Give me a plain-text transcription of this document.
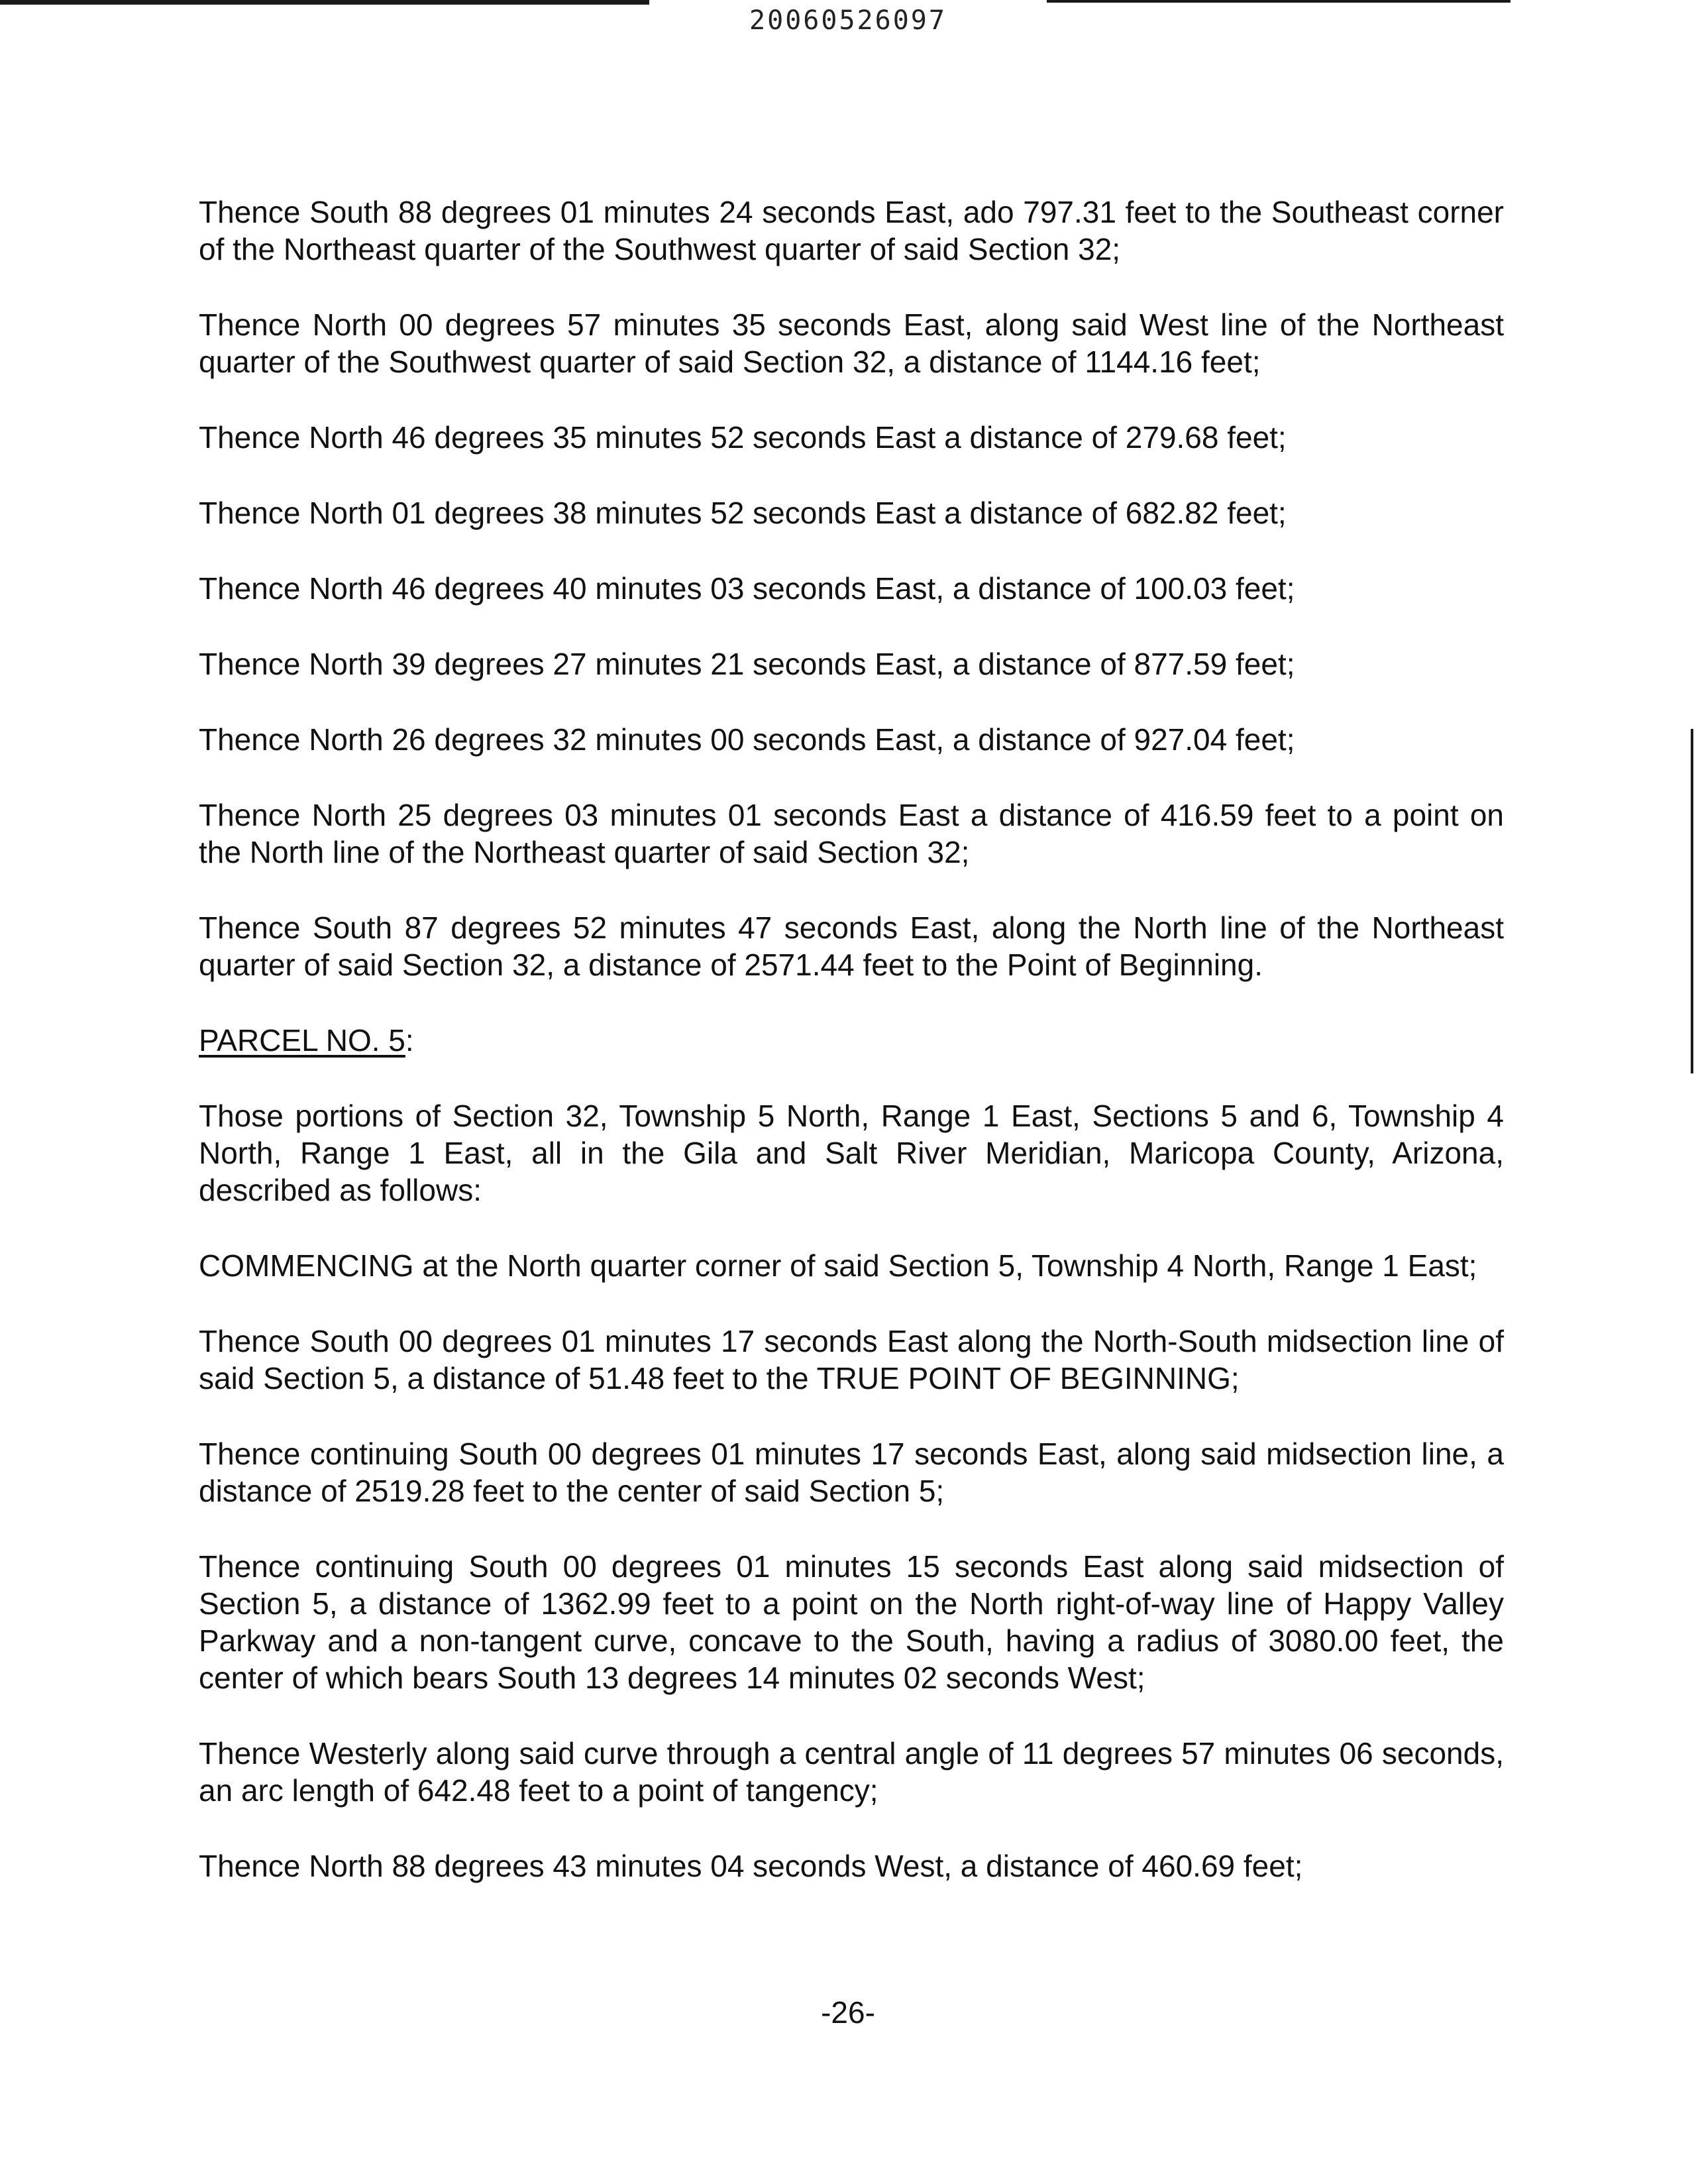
20060526097

Thence South 88 degrees 01 minutes 24 seconds East, ado 797.31 feet to the Southeast corner of the Northeast quarter of the Southwest quarter of said Section 32;

Thence North 00 degrees 57 minutes 35 seconds East, along said West line of the Northeast quarter of the Southwest quarter of said Section 32, a distance of 1144.16 feet;

Thence North 46 degrees 35 minutes 52 seconds East a distance of 279.68 feet;

Thence North 01 degrees 38 minutes 52 seconds East a distance of 682.82 feet;

Thence North 46 degrees 40 minutes 03 seconds East, a distance of 100.03 feet;

Thence North 39 degrees 27 minutes 21 seconds East, a distance of 877.59 feet;

Thence North 26 degrees 32 minutes 00 seconds East, a distance of 927.04 feet;

Thence North 25 degrees 03 minutes 01 seconds East a distance of 416.59 feet to a point on the North line of the Northeast quarter of said Section 32;

Thence South 87 degrees 52 minutes 47 seconds East, along the North line of the Northeast quarter of said Section 32, a distance of 2571.44 feet to the Point of Beginning.

PARCEL NO. 5:

Those portions of Section 32, Township 5 North, Range 1 East, Sections 5 and 6, Township 4 North, Range 1 East, all in the Gila and Salt River Meridian, Maricopa County, Arizona, described as follows:

COMMENCING at the North quarter corner of said Section 5, Township 4 North, Range 1 East;

Thence South 00 degrees 01 minutes 17 seconds East along the North-South midsection line of said Section 5, a distance of 51.48 feet to the TRUE POINT OF BEGINNING;

Thence continuing South 00 degrees 01 minutes 17 seconds East, along said midsection line, a distance of 2519.28 feet to the center of said Section 5;

Thence continuing South 00 degrees 01 minutes 15 seconds East along said midsection of Section 5, a distance of 1362.99 feet to a point on the North right-of-way line of Happy Valley Parkway and a non-tangent curve, concave to the South, having a radius of 3080.00 feet, the center of which bears South 13 degrees 14 minutes 02 seconds West;

Thence Westerly along said curve through a central angle of 11 degrees 57 minutes 06 seconds, an arc length of 642.48 feet to a point of tangency;

Thence North 88 degrees 43 minutes 04 seconds West, a distance of 460.69 feet;

-26-
